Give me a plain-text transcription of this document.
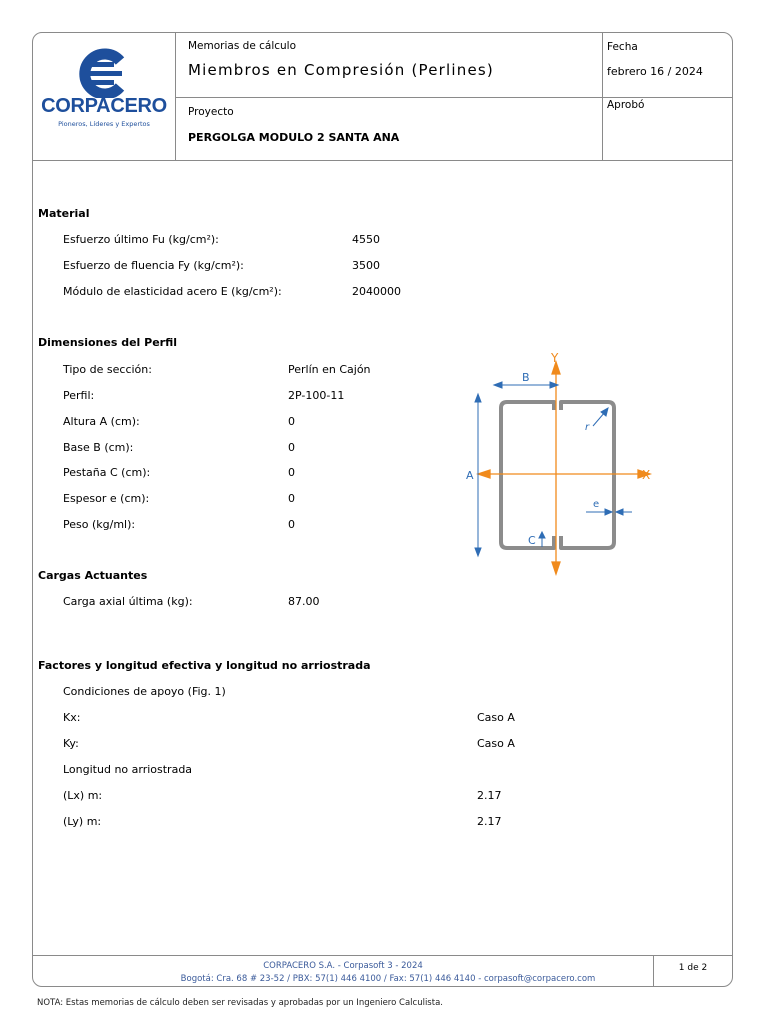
CORPACERO
Pioneros, Líderes y Expertos
Memorias de cálculo
Miembros en Compresión (Perlines)
Fecha
febrero 16 / 2024
Proyecto
PERGOLGA MODULO 2 SANTA ANA
Aprobó
Material
Esfuerzo último Fu (kg/cm²):	4550
Esfuerzo de fluencia Fy (kg/cm²):	3500
Módulo de elasticidad acero E (kg/cm²):	2040000
Dimensiones del Perfil
Tipo de sección:	Perlín en Cajón
Perfil:	2P-100-11
Altura A (cm):	0
Base B (cm):	0
Pestaña C (cm):	0
Espesor e (cm):	0
Peso (kg/ml):	0
Y
X
A
B
r
e
C
Cargas Actuantes
Carga axial última (kg):	87.00
Factores y longitud efectiva y longitud no arriostrada
Condiciones de apoyo (Fig. 1)
Kx:	Caso A
Ky:	Caso A
Longitud no arriostrada
(Lx) m:	2.17
(Ly) m:	2.17
CORPACERO S.A. - Corpasoft 3 - 2024
Bogotá: Cra. 68 # 23-52 / PBX: 57(1) 446 4100 / Fax: 57(1) 446 4140 - corpasoft@corpacero.com
1 de 2
NOTA: Estas memorias de cálculo deben ser revisadas y aprobadas por un Ingeniero Calculista.
